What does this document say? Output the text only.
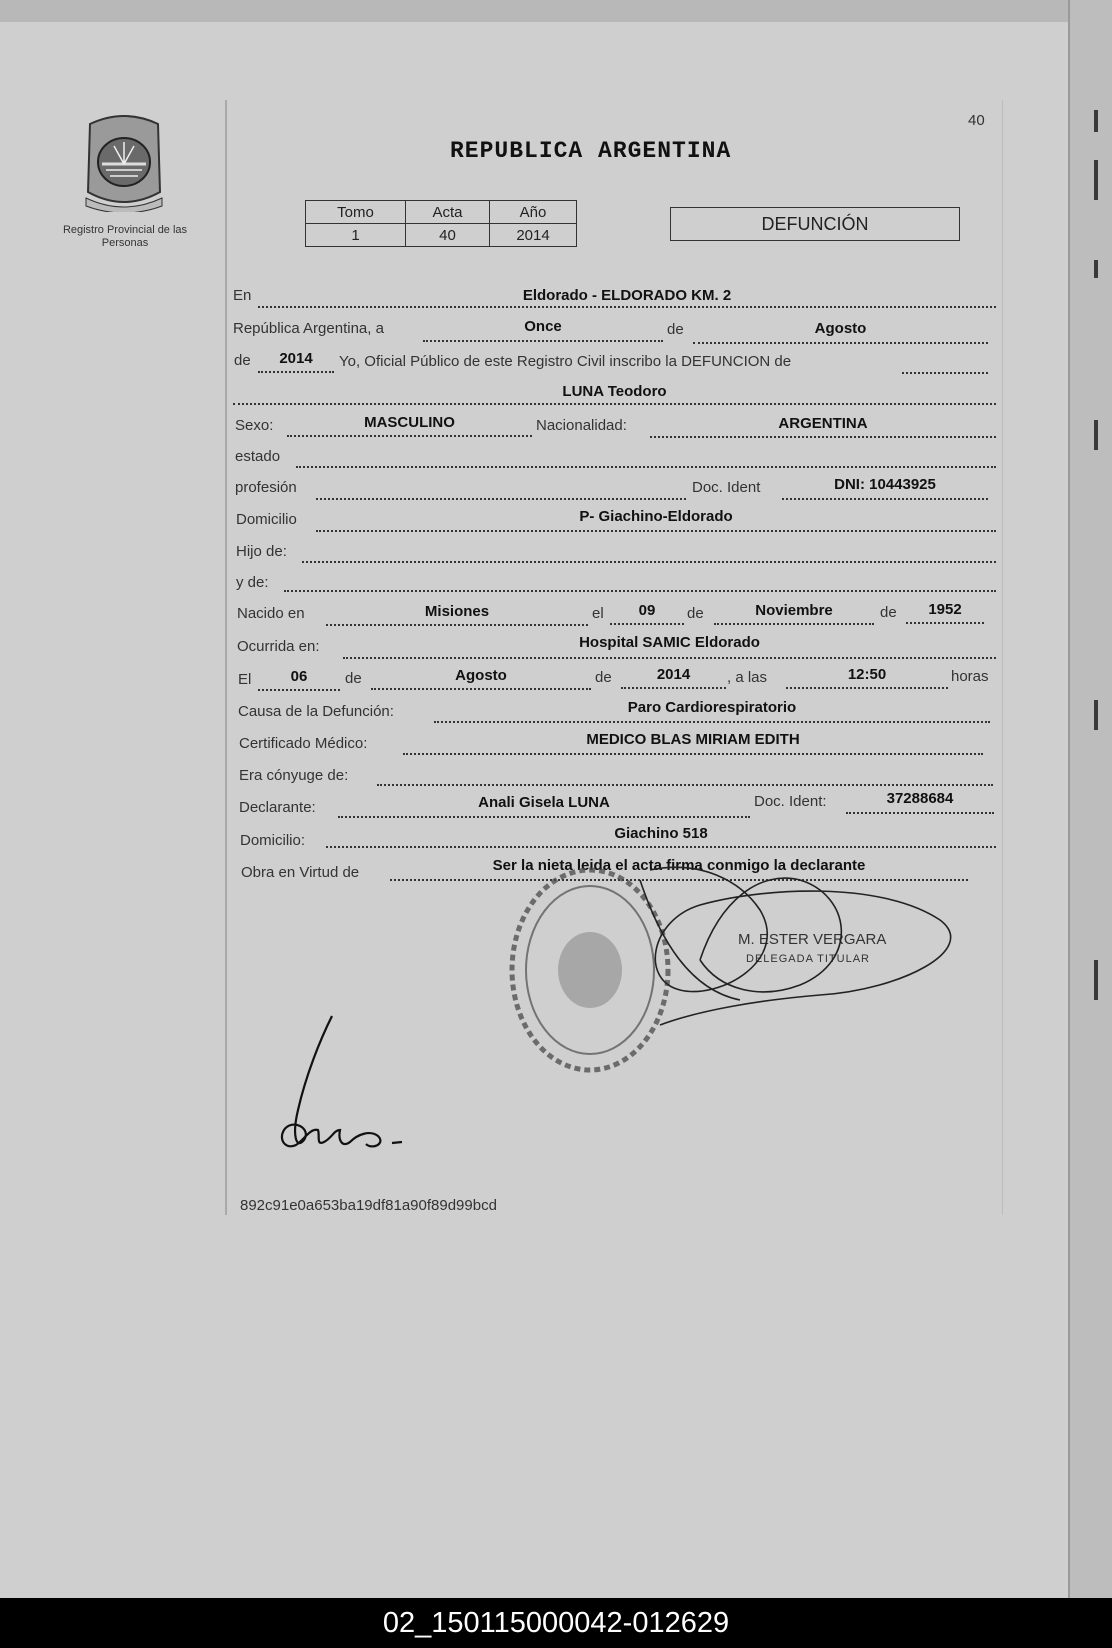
Registro Provincial de las Personas
40
REPUBLICA ARGENTINA
Tomo	Acta	Año
1	40	2014
DEFUNCIÓN
En	Eldorado - ELDORADO KM. 2
República Argentina, a	Once	de	Agosto
de	2014	Yo, Oficial Público de este Registro Civil inscribo la DEFUNCION de
LUNA Teodoro
Sexo:	MASCULINO	Nacionalidad:	ARGENTINA
estado
profesión	Doc. Ident	DNI: 10443925
Domicilio	P- Giachino-Eldorado
Hijo de:
y de:
Nacido en	Misiones	el	09	de	Noviembre	de	1952
Ocurrida en:	Hospital SAMIC Eldorado
El	06	de	Agosto	de	2014	, a las	12:50	horas
Causa de la Defunción:	Paro Cardiorespiratorio
Certificado Médico:	MEDICO BLAS MIRIAM EDITH
Era cónyuge de:
Declarante:	Anali Gisela LUNA	Doc. Ident:	37288684
Domicilio:	Giachino 518
Obra en Virtud de	Ser la nieta leida el acta firma conmigo la declarante
M. ESTER VERGARA
DELEGADA TITULAR
892c91e0a653ba19df81a90f89d99bcd
02_150115000042-012629
